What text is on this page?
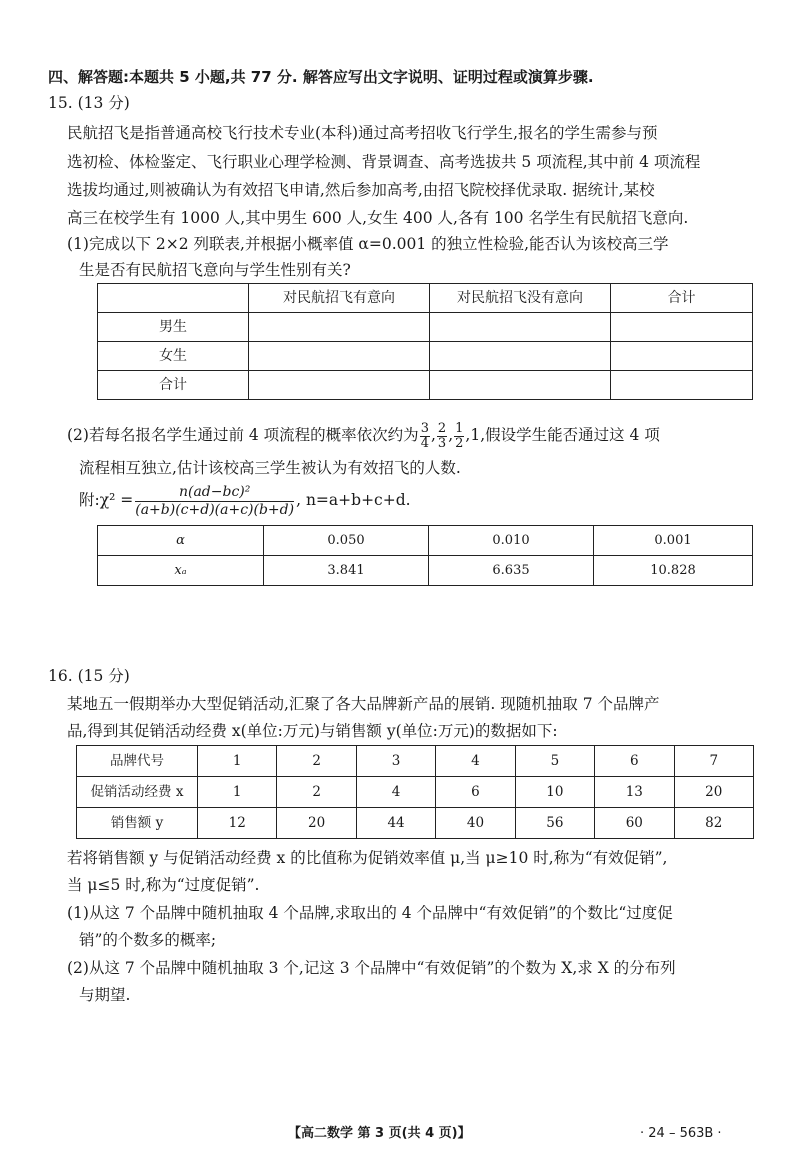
四、解答题:本题共 5 小题,共 77 分. 解答应写出文字说明、证明过程或演算步骤.
15. (13 分)
民航招飞是指普通高校飞行技术专业(本科)通过高考招收飞行学生,报名的学生需参与预
选初检、体检鉴定、飞行职业心理学检测、背景调查、高考选拔共 5 项流程,其中前 4 项流程
选拔均通过,则被确认为有效招飞申请,然后参加高考,由招飞院校择优录取. 据统计,某校
高三在校学生有 1000 人,其中男生 600 人,女生 400 人,各有 100 名学生有民航招飞意向.
(1)完成以下 2×2 列联表,并根据小概率值 α=0.001 的独立性检验,能否认为该校高三学
生是否有民航招飞意向与学生性别有关?
	对民航招飞有意向	对民航招飞没有意向	合计
男生			
女生			
合计			
(2)若每名报名学生通过前 4 项流程的概率依次约为 $\frac{3}{4}$ , $\frac{2}{3}$ , $\frac{1}{2} ,1$,假设学生能否通过这 4 项
流程相互独立,估计该校高三学生被认为有效招飞的人数.
附:χ² = $\frac{\text{n(ad−bc)²}}{(a+b)(c+d)(a+c)(b+d)}$ , n=a+b+c+d.
α	0.050	0.010	0.001
xₐ	3.841	6.635	10.828
16. (15 分)
某地五一假期举办大型促销活动,汇聚了各大品牌新产品的展销. 现随机抽取 7 个品牌产
品,得到其促销活动经费 x(单位:万元)与销售额 y(单位:万元)的数据如下:
品牌代号	1	2	3	4	5	6	7
促销活动经费 x	1	2	4	6	10	13	20
销售额 y	12	20	44	40	56	60	82
若将销售额 y 与促销活动经费 x 的比值称为促销效率值 μ,当 μ≥10 时,称为“有效促销”,
当 μ≤5 时,称为“过度促销”.
(1)从这 7 个品牌中随机抽取 4 个品牌,求取出的 4 个品牌中“有效促销”的个数比“过度促
销”的个数多的概率;
(2)从这 7 个品牌中随机抽取 3 个,记这 3 个品牌中“有效促销”的个数为 X,求 X 的分布列
与期望.
【高二数学 第 3 页(共 4 页)】	· 24 – 563B ·
